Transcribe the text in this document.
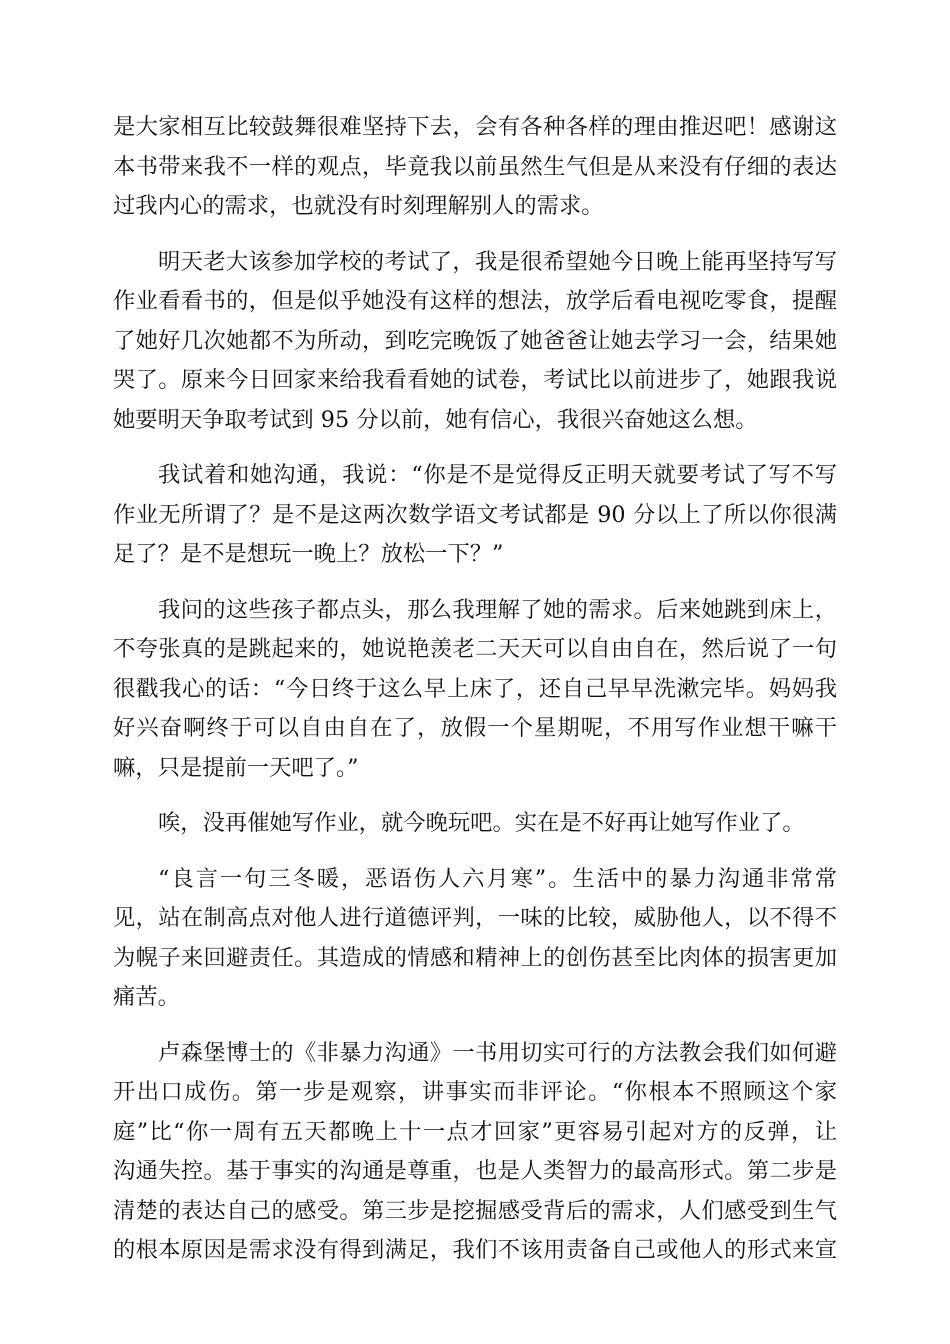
是大家相互比较鼓舞很难坚持下去，会有各种各样的理由推迟吧！感谢这
本书带来我不一样的观点，毕竟我以前虽然生气但是从来没有仔细的表达
过我内心的需求，也就没有时刻理解别人的需求。
明天老大该参加学校的考试了，我是很希望她今日晚上能再坚持写写
作业看看书的，但是似乎她没有这样的想法，放学后看电视吃零食，提醒
了她好几次她都不为所动，到吃完晚饭了她爸爸让她去学习一会，结果她
哭了。原来今日回家来给我看看她的试卷，考试比以前进步了，她跟我说
她要明天争取考试到 95 分以前，她有信心，我很兴奋她这么想。
我试着和她沟通，我说：“你是不是觉得反正明天就要考试了写不写
作业无所谓了？是不是这两次数学语文考试都是 90 分以上了所以你很满
足了？是不是想玩一晚上？放松一下？”
我问的这些孩子都点头，那么我理解了她的需求。后来她跳到床上，
不夸张真的是跳起来的，她说艳羡老二天天可以自由自在，然后说了一句
很戳我心的话：“今日终于这么早上床了，还自己早早洗漱完毕。妈妈我
好兴奋啊终于可以自由自在了，放假一个星期呢，不用写作业想干嘛干
嘛，只是提前一天吧了。”
唉，没再催她写作业，就今晚玩吧。实在是不好再让她写作业了。
“良言一句三冬暖，恶语伤人六月寒”。生活中的暴力沟通非常常
见，站在制高点对他人进行道德评判，一味的比较，威胁他人，以不得不
为幌子来回避责任。其造成的情感和精神上的创伤甚至比肉体的损害更加
痛苦。
卢森堡博士的《非暴力沟通》一书用切实可行的方法教会我们如何避
开出口成伤。第一步是观察，讲事实而非评论。“你根本不照顾这个家
庭”比“你一周有五天都晚上十一点才回家”更容易引起对方的反弹，让
沟通失控。基于事实的沟通是尊重，也是人类智力的最高形式。第二步是
清楚的表达自己的感受。第三步是挖掘感受背后的需求，人们感受到生气
的根本原因是需求没有得到满足，我们不该用责备自己或他人的形式来宣
